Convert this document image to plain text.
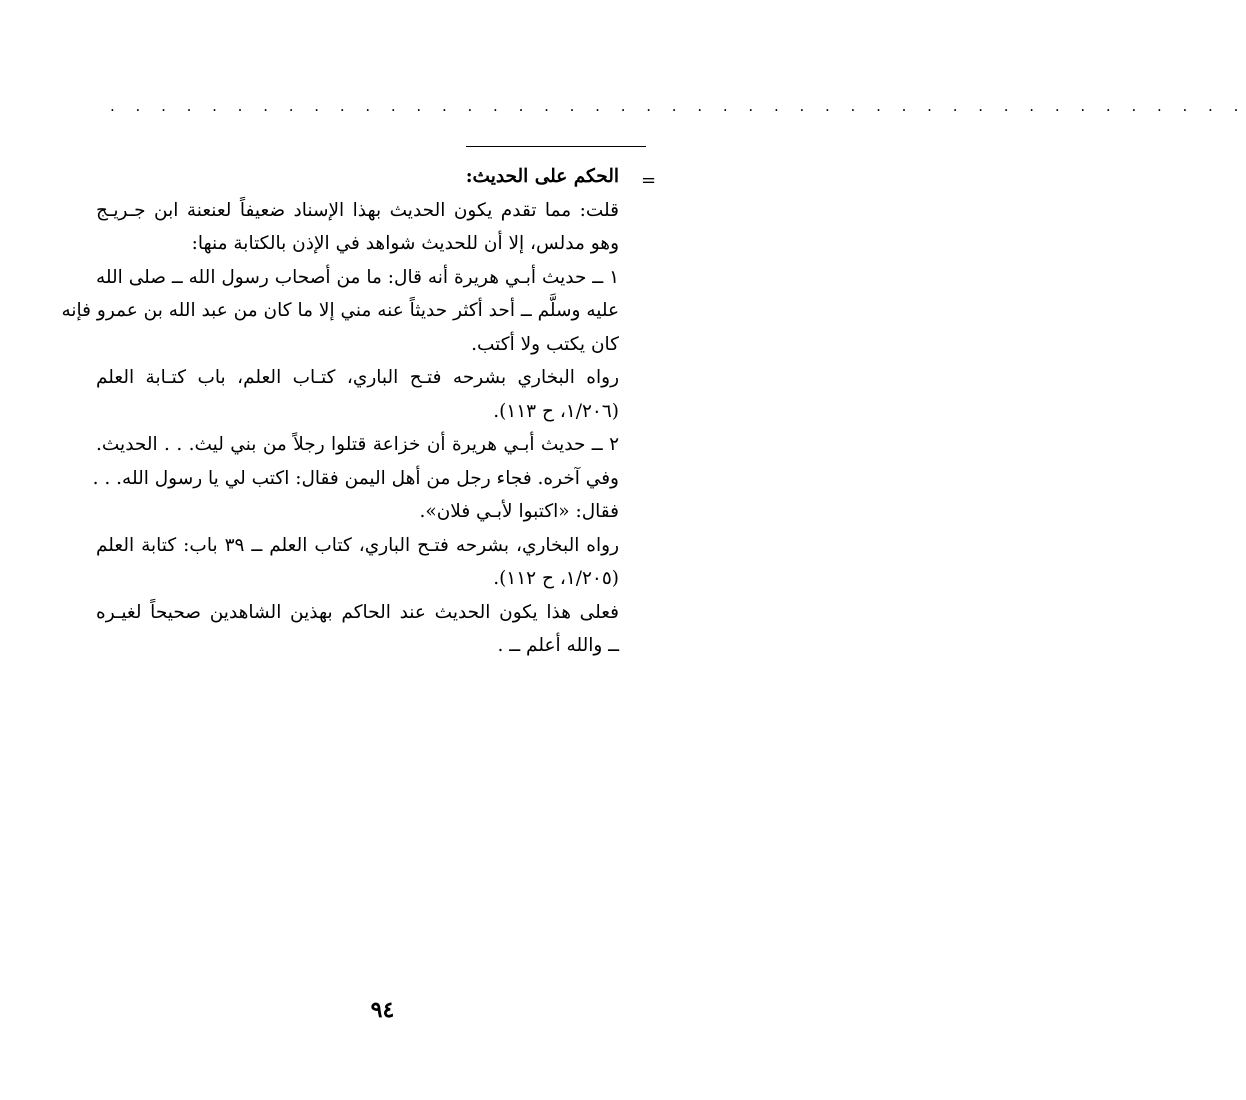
. . . . . . . . . . . . . . . . . . . . . . . . . . . . . . . . . . . . . . . . . . . . .
=
الحكم على الحديث:
قلت: مما تقدم يكون الحديث بهذا الإسناد ضعيفاً لعنعنة ابن جـريـج
وهو مدلس، إلا أن للحديث شواهد في الإذن بالكتابة منها:
١ ــ حديث أبـي هريرة أنه قال: ما من أصحاب رسول الله ــ صلى الله
عليه وسلَّم ــ أحد أكثر حديثاً عنه مني إلا ما كان من عبد الله بن عمرو فإنه
كان يكتب ولا أكتب.
رواه البخاري بشرحه فتـح الباري، كتـاب العلم، باب كتـابة العلم
(١/٢٠٦، ح ١١٣).
٢ ــ حديث أبـي هريرة أن خزاعة قتلوا رجلاً من بني ليث. . . الحديث.
وفي آخره. فجاء رجل من أهل اليمن فقال: اكتب لي يا رسول الله. . .
فقال: «اكتبوا لأبـي فلان».
رواه البخاري، بشرحه فتـح الباري، كتاب العلم ــ ٣٩ باب: كتابة العلم
(١/٢٠٥، ح ١١٢).
فعلى هذا يكون الحديث عند الحاكم بهذين الشاهدين صحيحاً لغيـره
ــ والله أعلم ــ .
٩٤
